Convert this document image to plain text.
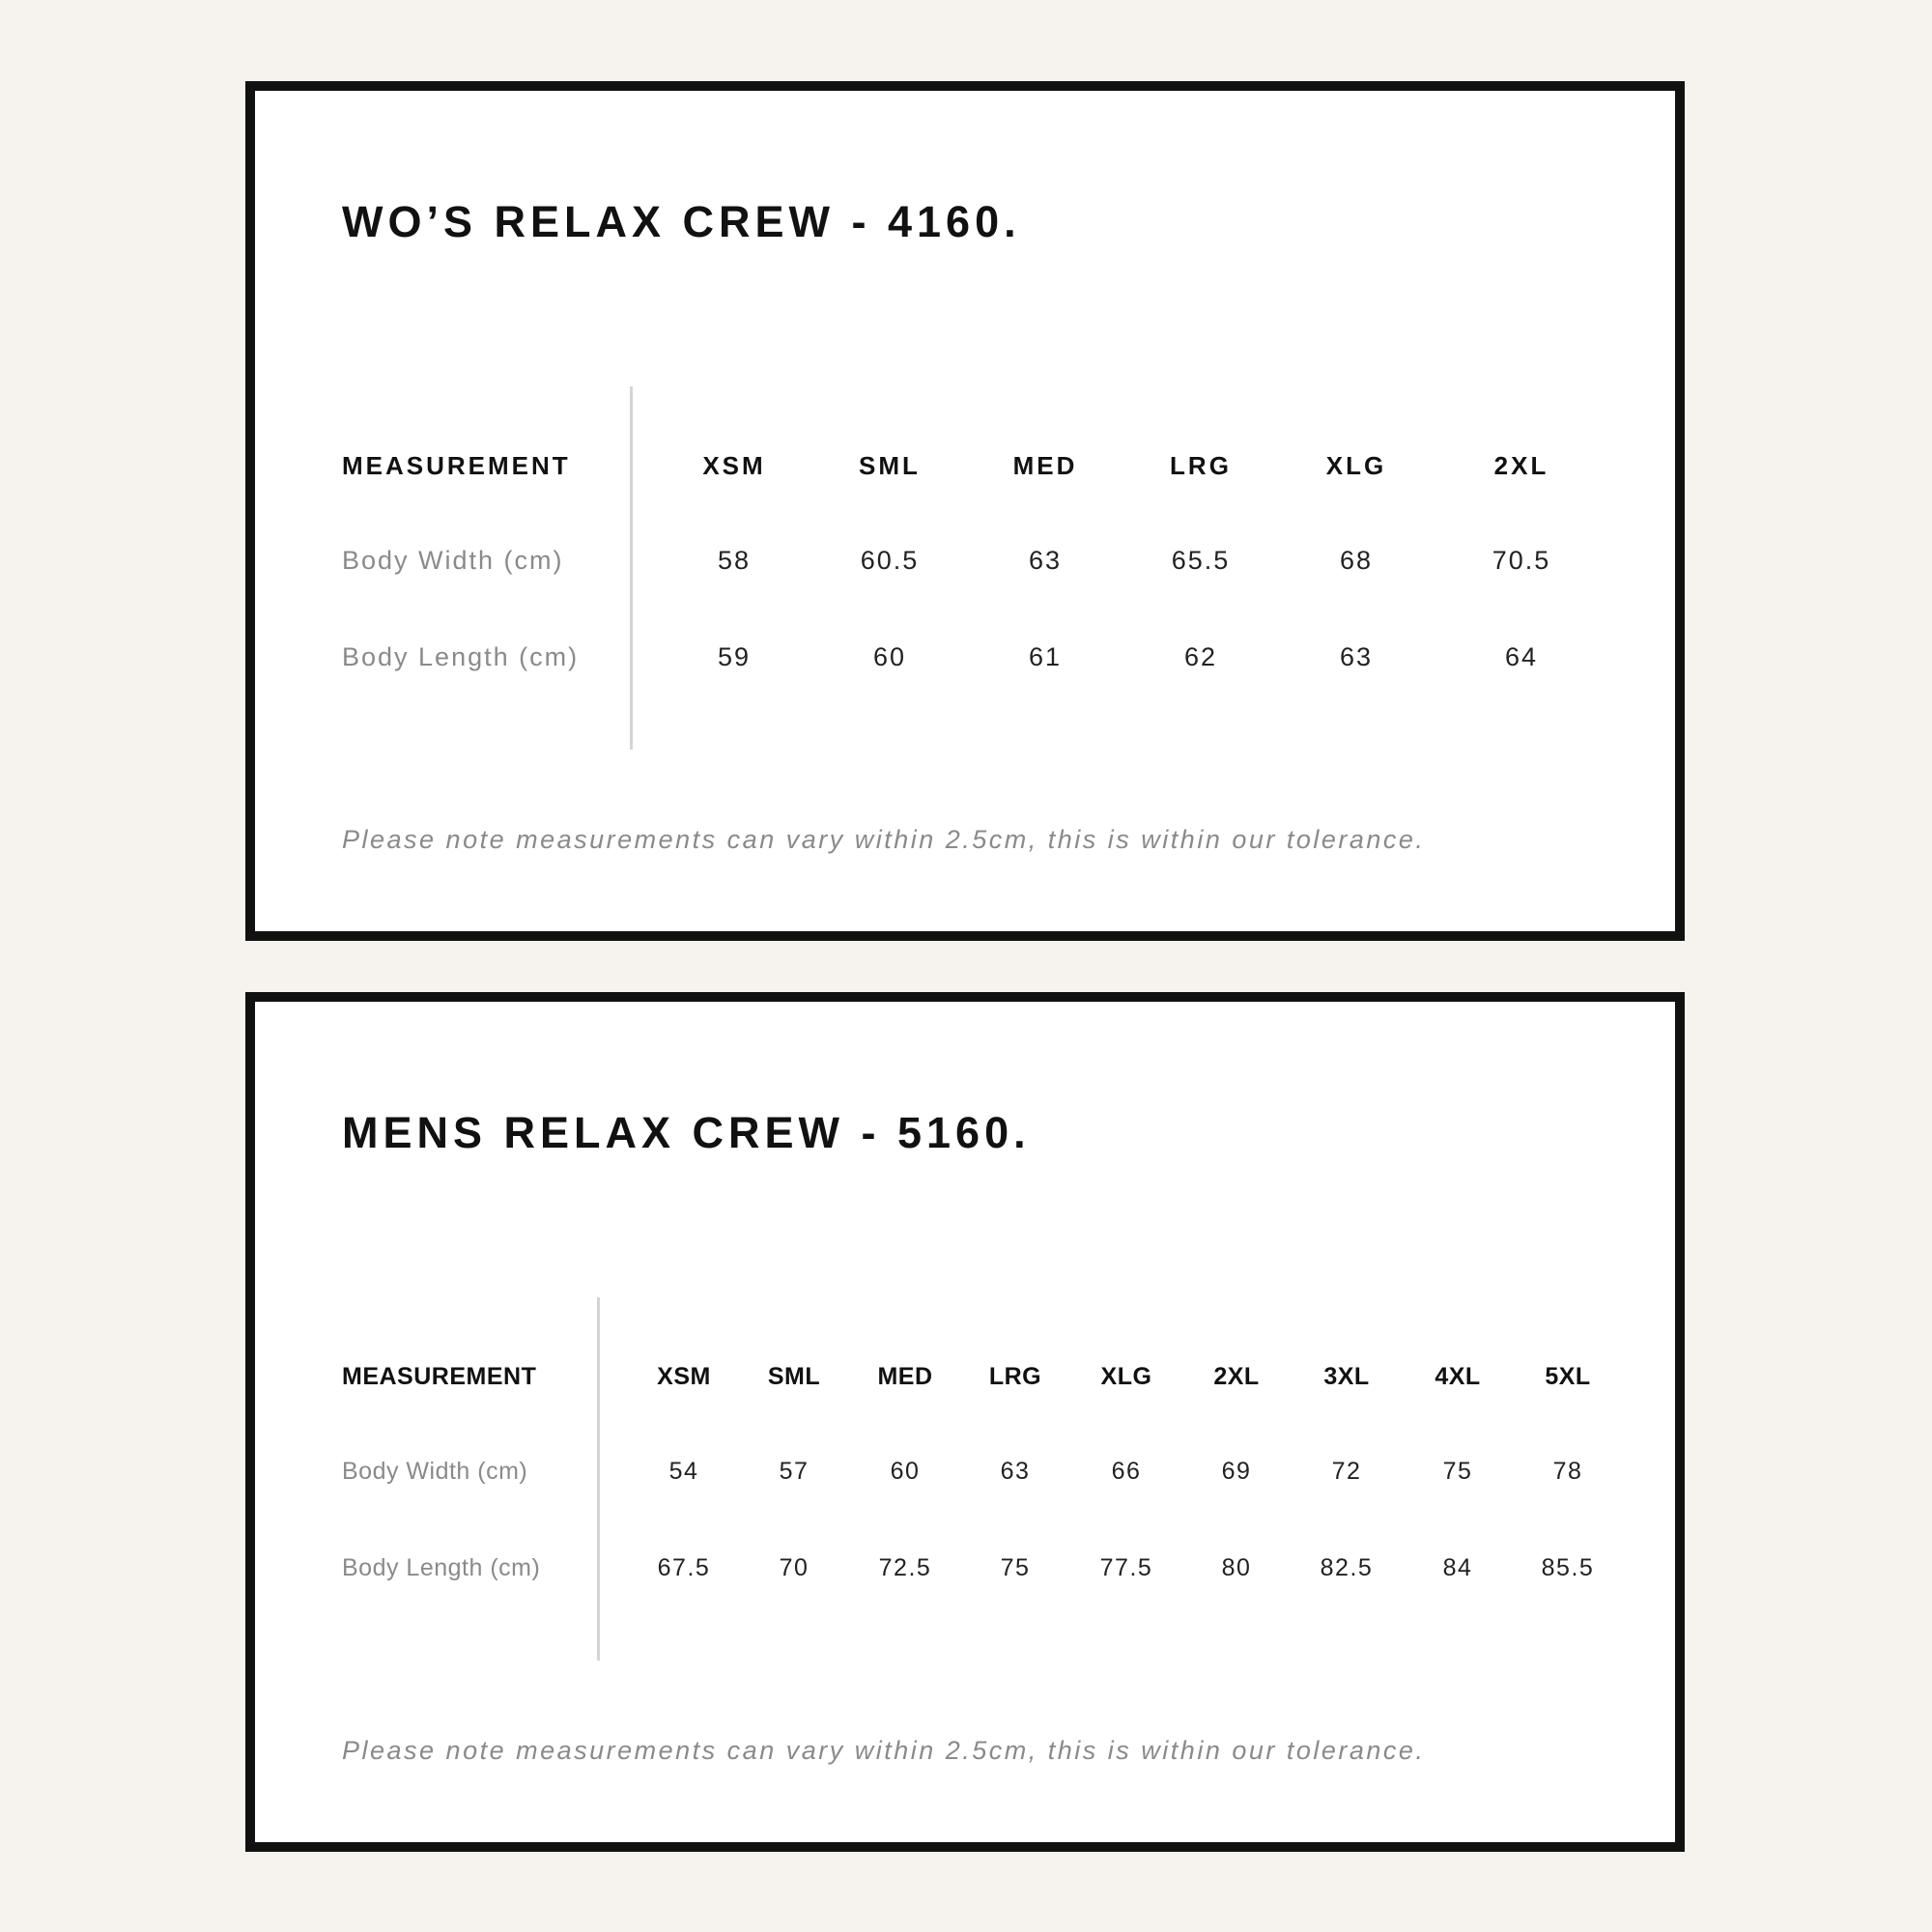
WO’S RELAX CREW - 4160.
MEASUREMENT	XSM	SML	MED	LRG	XLG	2XL
Body Width (cm)	58	60.5	63	65.5	68	70.5
Body Length (cm)	59	60	61	62	63	64

Please note measurements can vary within 2.5cm, this is within our tolerance.

MENS RELAX CREW - 5160.
MEASUREMENT	XSM	SML	MED	LRG	XLG	2XL	3XL	4XL	5XL
Body Width (cm)	54	57	60	63	66	69	72	75	78
Body Length (cm)	67.5	70	72.5	75	77.5	80	82.5	84	85.5

Please note measurements can vary within 2.5cm, this is within our tolerance.
